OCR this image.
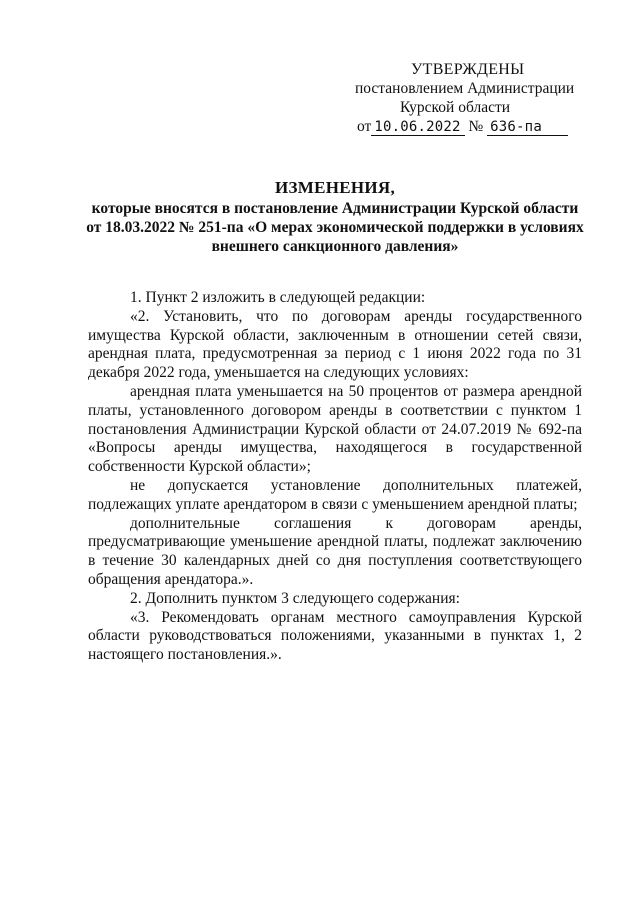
УТВЕРЖДЕНЫ
постановлением Администрации
Курской области
от 10.06.2022 № 636-па
ИЗМЕНЕНИЯ,
которые вносятся в постановление Администрации Курской области
от 18.03.2022 № 251-па «О мерах экономической поддержки в условиях
внешнего санкционного давления»

1. Пункт 2 изложить в следующей редакции:

«2. Установить, что по договорам аренды государственного имущества Курской области, заключенным в отношении сетей связи, арендная плата, предусмотренная за период с 1 июня 2022 года по 31 декабря 2022 года, уменьшается на следующих условиях:

арендная плата уменьшается на 50 процентов от размера арендной платы, установленного договором аренды в соответствии с пунктом 1 постановления Администрации Курской области от 24.07.2019 № 692-па «Вопросы аренды имущества, находящегося в государственной собственности Курской области»;

не допускается установление дополнительных платежей, подлежащих уплате арендатором в связи с уменьшением арендной платы;

дополнительные соглашения к договорам аренды, предусматривающие уменьшение арендной платы, подлежат заключению в течение 30 календарных дней со дня поступления соответствующего обращения арендатора.».

2. Дополнить пунктом 3 следующего содержания:

«3. Рекомендовать органам местного самоуправления Курской области руководствоваться положениями, указанными в пунктах 1, 2 настоящего постановления.».
